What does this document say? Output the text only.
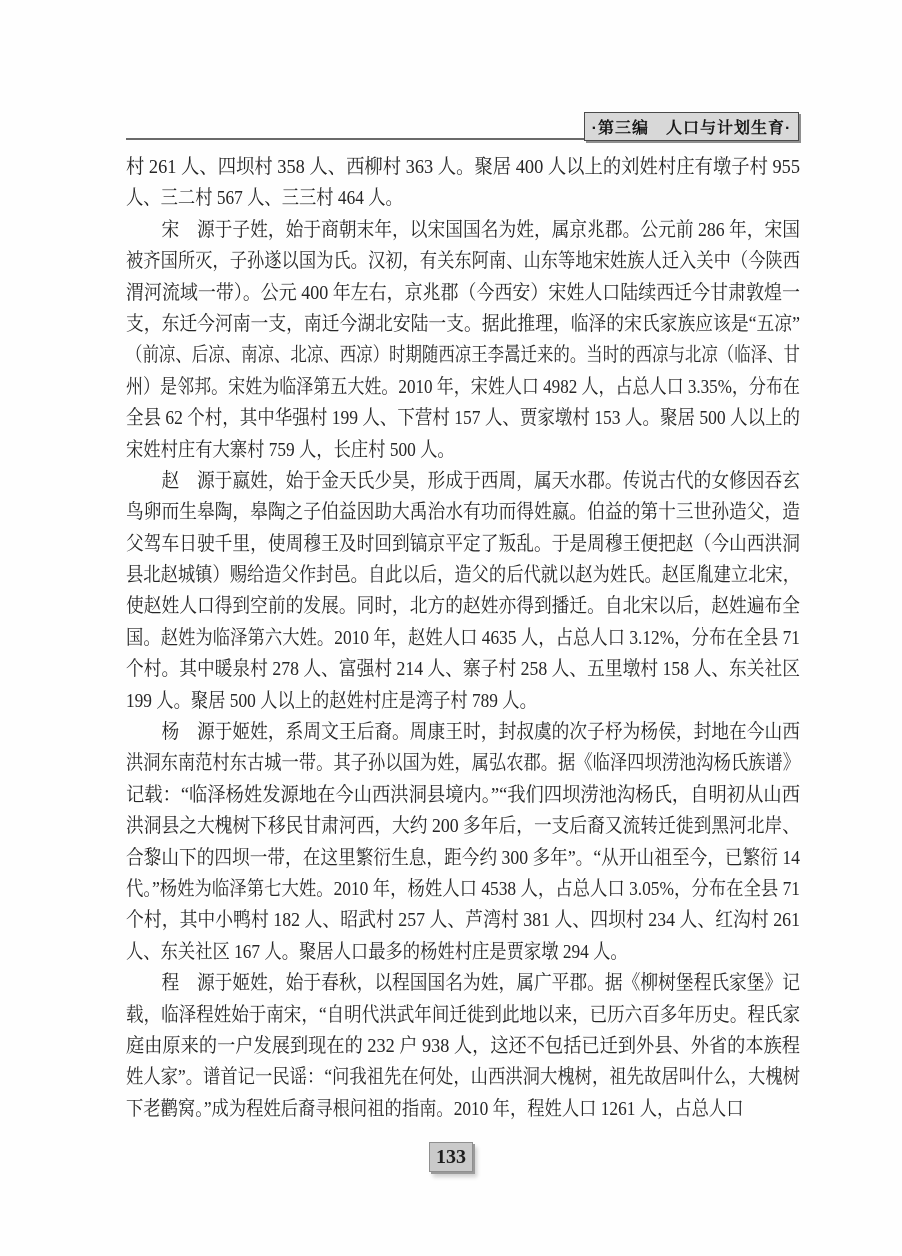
·第三编　人口与计划生育·
村 261 人、四坝村 358 人、西柳村 363 人。聚居 400 人以上的刘姓村庄有墩子村 955
人、三二村 567 人、三三村 464 人。
　　宋　源于子姓，始于商朝末年，以宋国国名为姓，属京兆郡。公元前 286 年，宋国
被齐国所灭，子孙遂以国为氏。汉初，有关东阿南、山东等地宋姓族人迁入关中（今陕西
渭河流域一带）。公元 400 年左右，京兆郡（今西安）宋姓人口陆续西迁今甘肃敦煌一
支，东迁今河南一支，南迁今湖北安陆一支。据此推理，临泽的宋氏家族应该是“五凉”
（前凉、后凉、南凉、北凉、西凉）时期随西凉王李暠迁来的。当时的西凉与北凉（临泽、甘
州）是邻邦。宋姓为临泽第五大姓。2010 年，宋姓人口 4982 人，占总人口 3.35%，分布在
全县 62 个村，其中华强村 199 人、下营村 157 人、贾家墩村 153 人。聚居 500 人以上的
宋姓村庄有大寨村 759 人，长庄村 500 人。
　　赵　源于嬴姓，始于金天氏少昊，形成于西周，属天水郡。传说古代的女修因吞玄
鸟卵而生皋陶，皋陶之子伯益因助大禹治水有功而得姓嬴。伯益的第十三世孙造父，造
父驾车日驶千里，使周穆王及时回到镐京平定了叛乱。于是周穆王便把赵（今山西洪洞
县北赵城镇）赐给造父作封邑。自此以后，造父的后代就以赵为姓氏。赵匡胤建立北宋，
使赵姓人口得到空前的发展。同时，北方的赵姓亦得到播迁。自北宋以后，赵姓遍布全
国。赵姓为临泽第六大姓。2010 年，赵姓人口 4635 人，占总人口 3.12%，分布在全县 71
个村。其中暖泉村 278 人、富强村 214 人、寨子村 258 人、五里墩村 158 人、东关社区
199 人。聚居 500 人以上的赵姓村庄是湾子村 789 人。
　　杨　源于姬姓，系周文王后裔。周康王时，封叔虞的次子杼为杨侯，封地在今山西
洪洞东南范村东古城一带。其子孙以国为姓，属弘农郡。据《临泽四坝涝池沟杨氏族谱》
记载：“临泽杨姓发源地在今山西洪洞县境内。”“我们四坝涝池沟杨氏，自明初从山西
洪洞县之大槐树下移民甘肃河西，大约 200 多年后，一支后裔又流转迁徙到黑河北岸、
合黎山下的四坝一带，在这里繁衍生息，距今约 300 多年”。“从开山祖至今，已繁衍 14
代。”杨姓为临泽第七大姓。2010 年，杨姓人口 4538 人，占总人口 3.05%，分布在全县 71
个村，其中小鸭村 182 人、昭武村 257 人、芦湾村 381 人、四坝村 234 人、红沟村 261
人、东关社区 167 人。聚居人口最多的杨姓村庄是贾家墩 294 人。
　　程　源于姬姓，始于春秋，以程国国名为姓，属广平郡。据《柳树堡程氏家堡》记
载，临泽程姓始于南宋，“自明代洪武年间迁徙到此地以来，已历六百多年历史。程氏家
庭由原来的一户发展到现在的 232 户 938 人，这还不包括已迁到外县、外省的本族程
姓人家”。谱首记一民谣：“问我祖先在何处，山西洪洞大槐树，祖先故居叫什么，大槐树
下老鹳窝。”成为程姓后裔寻根问祖的指南。2010 年，程姓人口 1261 人，占总人口
133
